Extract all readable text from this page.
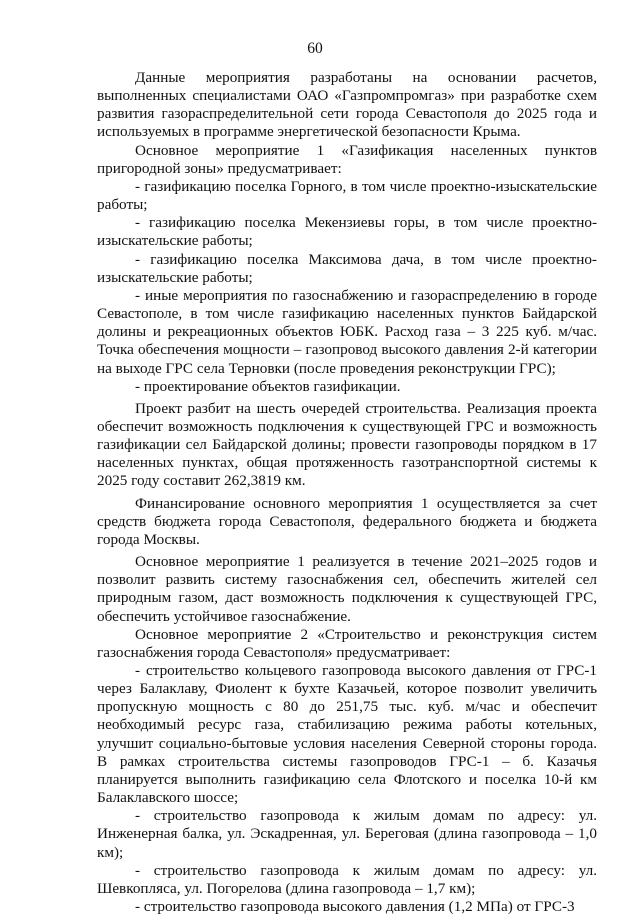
60

Данные мероприятия разработаны на основании расчетов, выполненных специалистами ОАО «Газпромпромгаз» при разработке схем развития газораспределительной сети города Севастополя до 2025 года и используемых в программе энергетической безопасности Крыма.

Основное мероприятие 1 «Газификация населенных пунктов пригородной зоны» предусматривает:

- газификацию поселка Горного, в том числе проектно-изыскательские работы;

- газификацию поселка Мекензиевы горы, в том числе проектно-изыскательские работы;

- газификацию поселка Максимова дача, в том числе проектно-изыскательские работы;

- иные мероприятия по газоснабжению и газораспределению в городе Севастополе, в том числе газификацию населенных пунктов Байдарской долины и рекреационных объектов ЮБК. Расход газа – 3 225 куб. м/час. Точка обеспечения мощности – газопровод высокого давления 2-й категории на выходе ГРС села Терновки (после проведения реконструкции ГРС);

- проектирование объектов газификации.

Проект разбит на шесть очередей строительства. Реализация проекта обеспечит возможность подключения к существующей ГРС и возможность газификации сел Байдарской долины; провести газопроводы порядком в 17 населенных пунктах, общая протяженность газотранспортной системы к 2025 году составит 262,3819 км.

Финансирование основного мероприятия 1 осуществляется за счет средств бюджета города Севастополя, федерального бюджета и бюджета города Москвы.

Основное мероприятие 1 реализуется в течение 2021–2025 годов и позволит развить систему газоснабжения сел, обеспечить жителей сел природным газом, даст возможность подключения к существующей ГРС, обеспечить устойчивое газоснабжение.

Основное мероприятие 2 «Строительство и реконструкция систем газоснабжения города Севастополя» предусматривает:

- строительство кольцевого газопровода высокого давления от ГРС-1 через Балаклаву, Фиолент к бухте Казачьей, которое позволит увеличить пропускную мощность с 80 до 251,75 тыс. куб. м/час и обеспечит необходимый ресурс газа, стабилизацию режима работы котельных, улучшит социально-бытовые условия населения Северной стороны города. В рамках строительства системы газопроводов ГРС-1 – б. Казачья планируется выполнить газификацию села Флотского и поселка 10-й км Балаклавского шоссе;

- строительство газопровода к жилым домам по адресу: ул. Инженерная балка, ул. Эскадренная, ул. Береговая (длина газопровода – 1,0 км);

- строительство газопровода к жилым домам по адресу: ул. Шевкопляса, ул. Погорелова (длина газопровода – 1,7 км);

- строительство газопровода высокого давления (1,2 МПа) от ГРС-3
